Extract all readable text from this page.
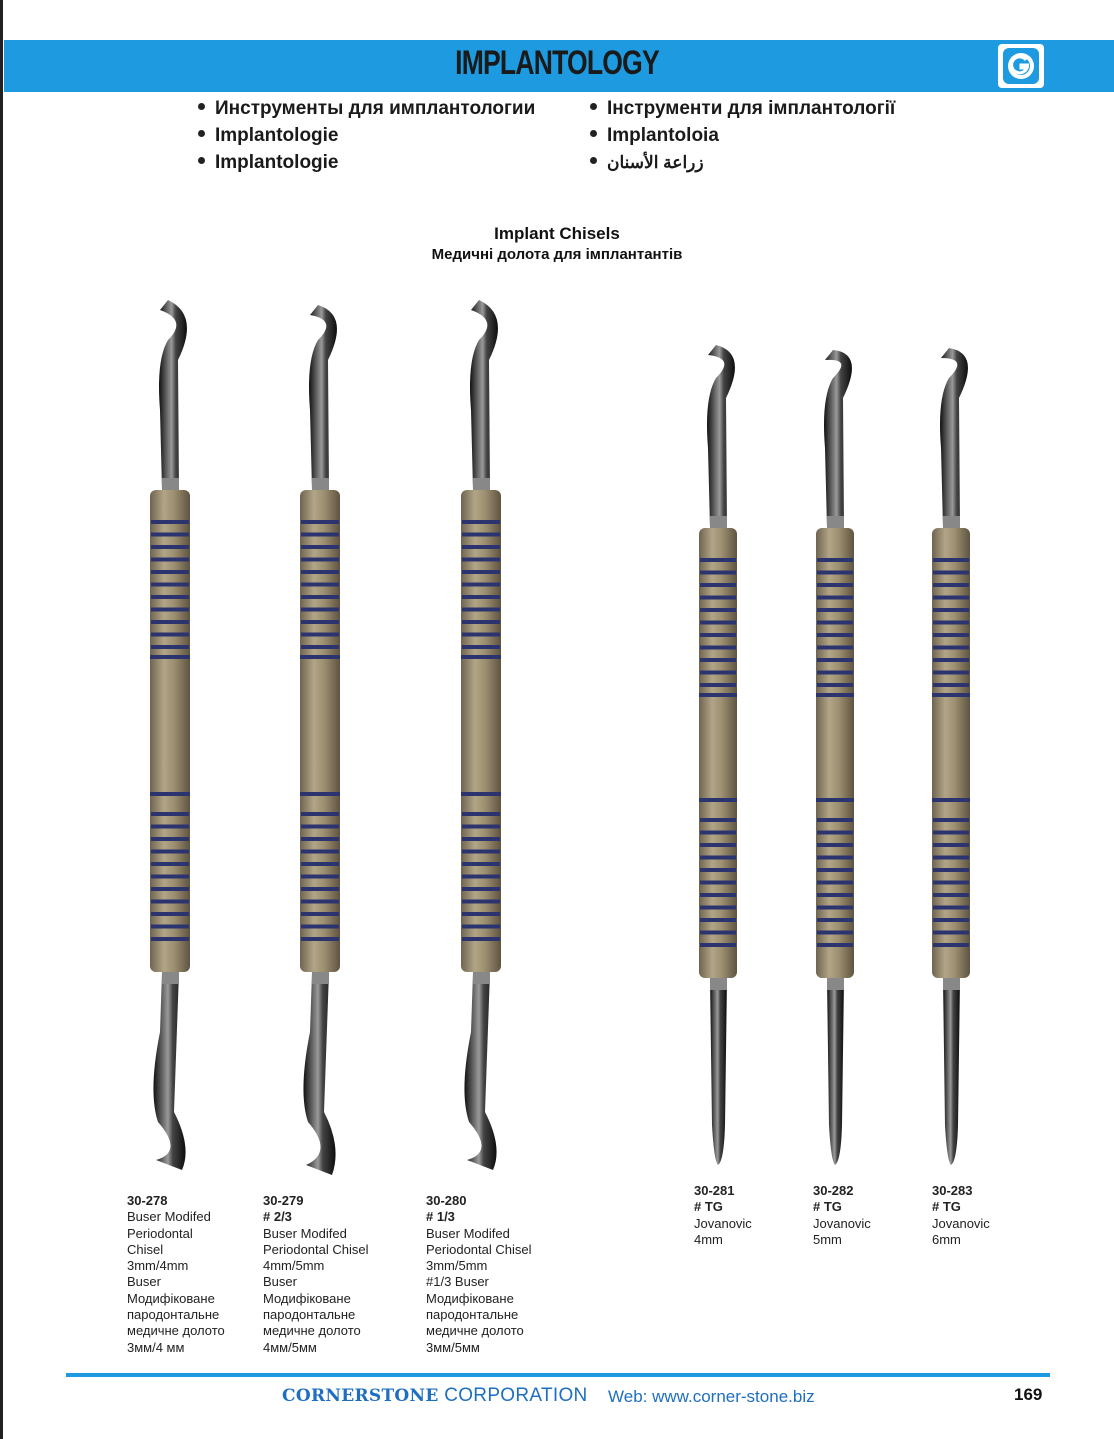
IMPLANTOLOGY
Инструменты для имплантологии
Implantologie
Implantologie
Інструменти для імплантології
Implantoloia
زراعة الأسنان
Implant Chisels
Медичні долота для імплантантів
30-278
Buser Modifed
Periodontal
Chisel
3mm/4mm
Buser
Модифіковане
пародонтальне
медичне долото
3мм/4 мм
30-279
# 2/3
Buser Modifed
Periodontal Chisel
4mm/5mm
Buser
Модифіковане
пародонтальне
медичне долото
4мм/5мм
30-280
# 1/3
Buser Modifed
Periodontal Chisel
3mm/5mm
#1/3 Buser
Модифіковане
пародонтальне
медичне долото
3мм/5мм
30-281
# TG
Jovanovic
4mm
30-282
# TG
Jovanovic
5mm
30-283
# TG
Jovanovic
6mm
CORNERSTONE CORPORATION Web: www.corner-stone.biz	169
